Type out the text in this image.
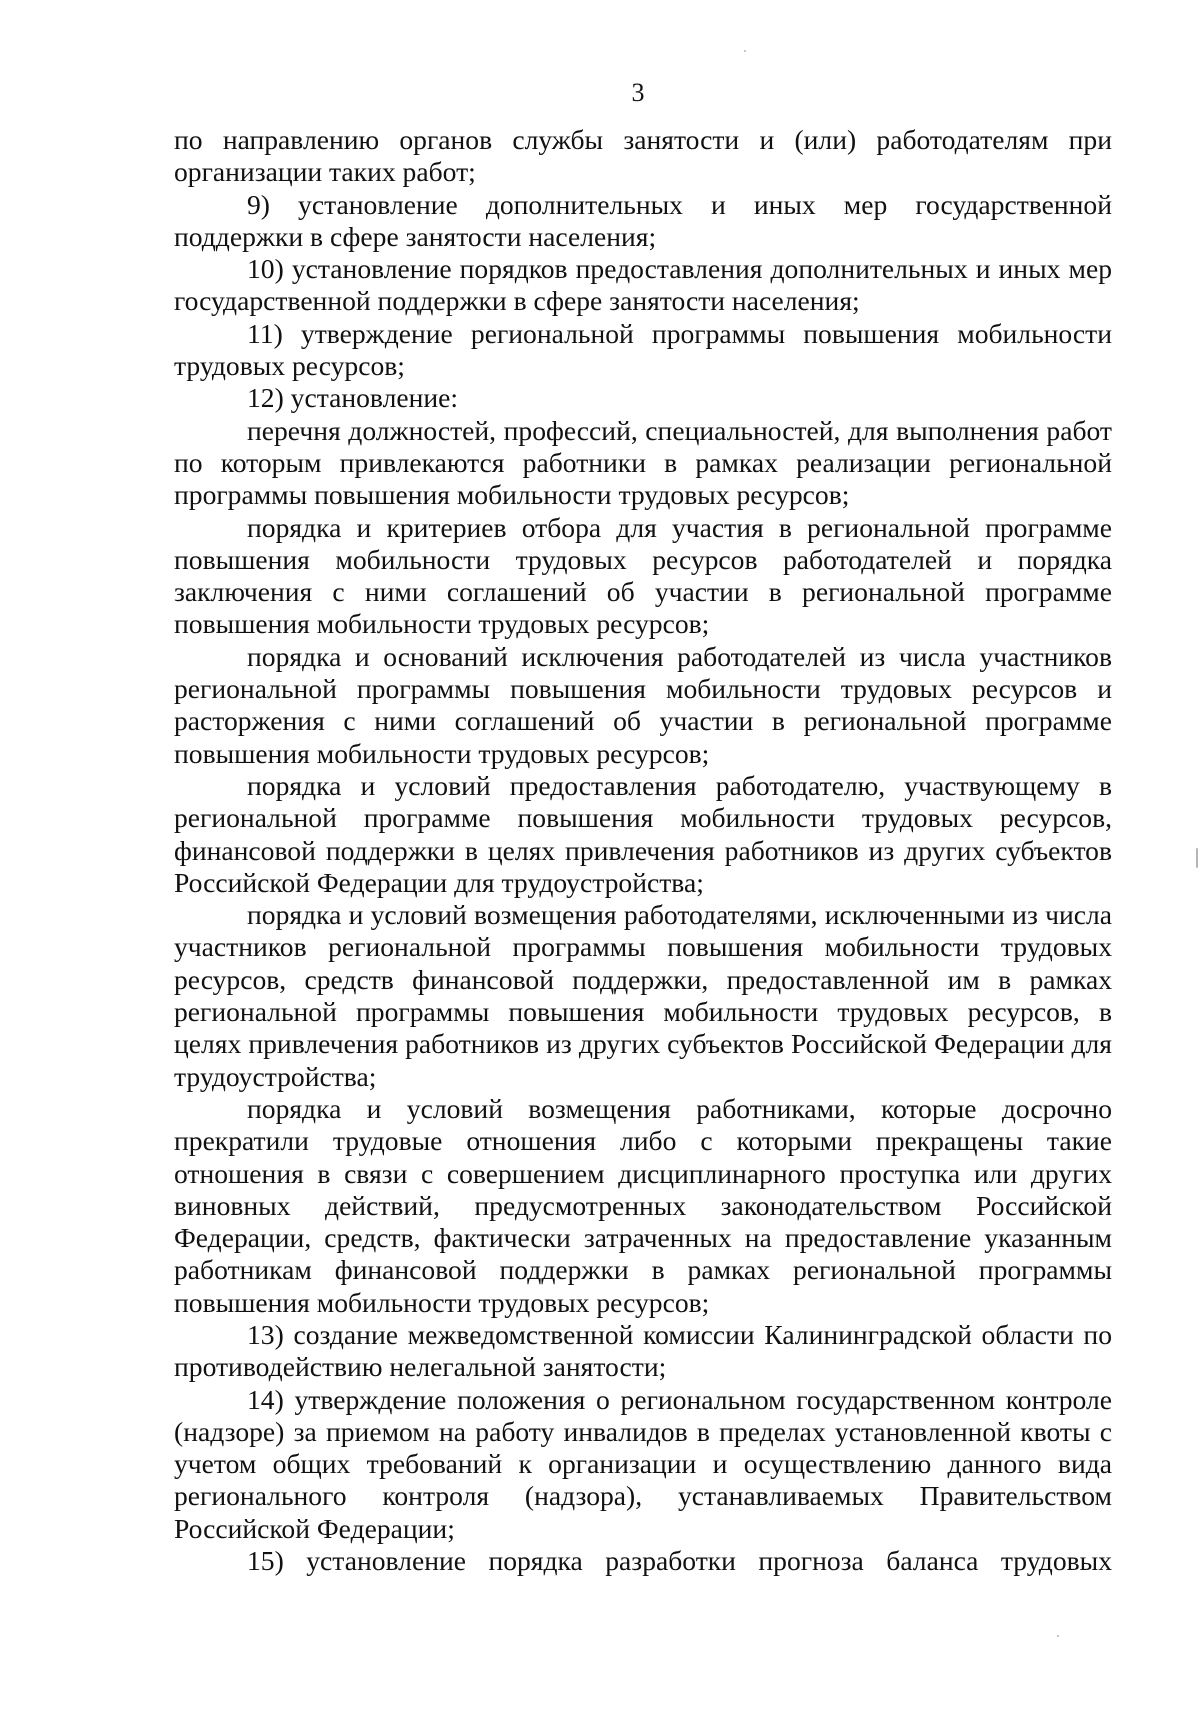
3

по направлению органов службы занятости и (или) работодателям при организации таких работ;

9) установление дополнительных и иных мер государственной поддержки в сфере занятости населения;

10) установление порядков предоставления дополнительных и иных мер государственной поддержки в сфере занятости населения;

11) утверждение региональной программы повышения мобильности трудовых ресурсов;

12) установление:

перечня должностей, профессий, специальностей, для выполнения работ по которым привлекаются работники в рамках реализации региональной программы повышения мобильности трудовых ресурсов;

порядка и критериев отбора для участия в региональной программе повышения мобильности трудовых ресурсов работодателей и порядка заключения с ними соглашений об участии в региональной программе повышения мобильности трудовых ресурсов;

порядка и оснований исключения работодателей из числа участников региональной программы повышения мобильности трудовых ресурсов и расторжения с ними соглашений об участии в региональной программе повышения мобильности трудовых ресурсов;

порядка и условий предоставления работодателю, участвующему в региональной программе повышения мобильности трудовых ресурсов, финансовой поддержки в целях привлечения работников из других субъектов Российской Федерации для трудоустройства;

порядка и условий возмещения работодателями, исключенными из числа участников региональной программы повышения мобильности трудовых ресурсов, средств финансовой поддержки, предоставленной им в рамках региональной программы повышения мобильности трудовых ресурсов, в целях привлечения работников из других субъектов Российской Федерации для трудоустройства;

порядка и условий возмещения работниками, которые досрочно прекратили трудовые отношения либо с которыми прекращены такие отношения в связи с совершением дисциплинарного проступка или других виновных действий, предусмотренных законодательством Российской Федерации, средств, фактически затраченных на предоставление указанным работникам финансовой поддержки в рамках региональной программы повышения мобильности трудовых ресурсов;

13) создание межведомственной комиссии Калининградской области по противодействию нелегальной занятости;

14) утверждение положения о региональном государственном контроле (надзоре) за приемом на работу инвалидов в пределах установленной квоты с учетом общих требований к организации и осуществлению данного вида регионального контроля (надзора), устанавливаемых Правительством Российской Федерации;

15) установление порядка разработки прогноза баланса трудовых
